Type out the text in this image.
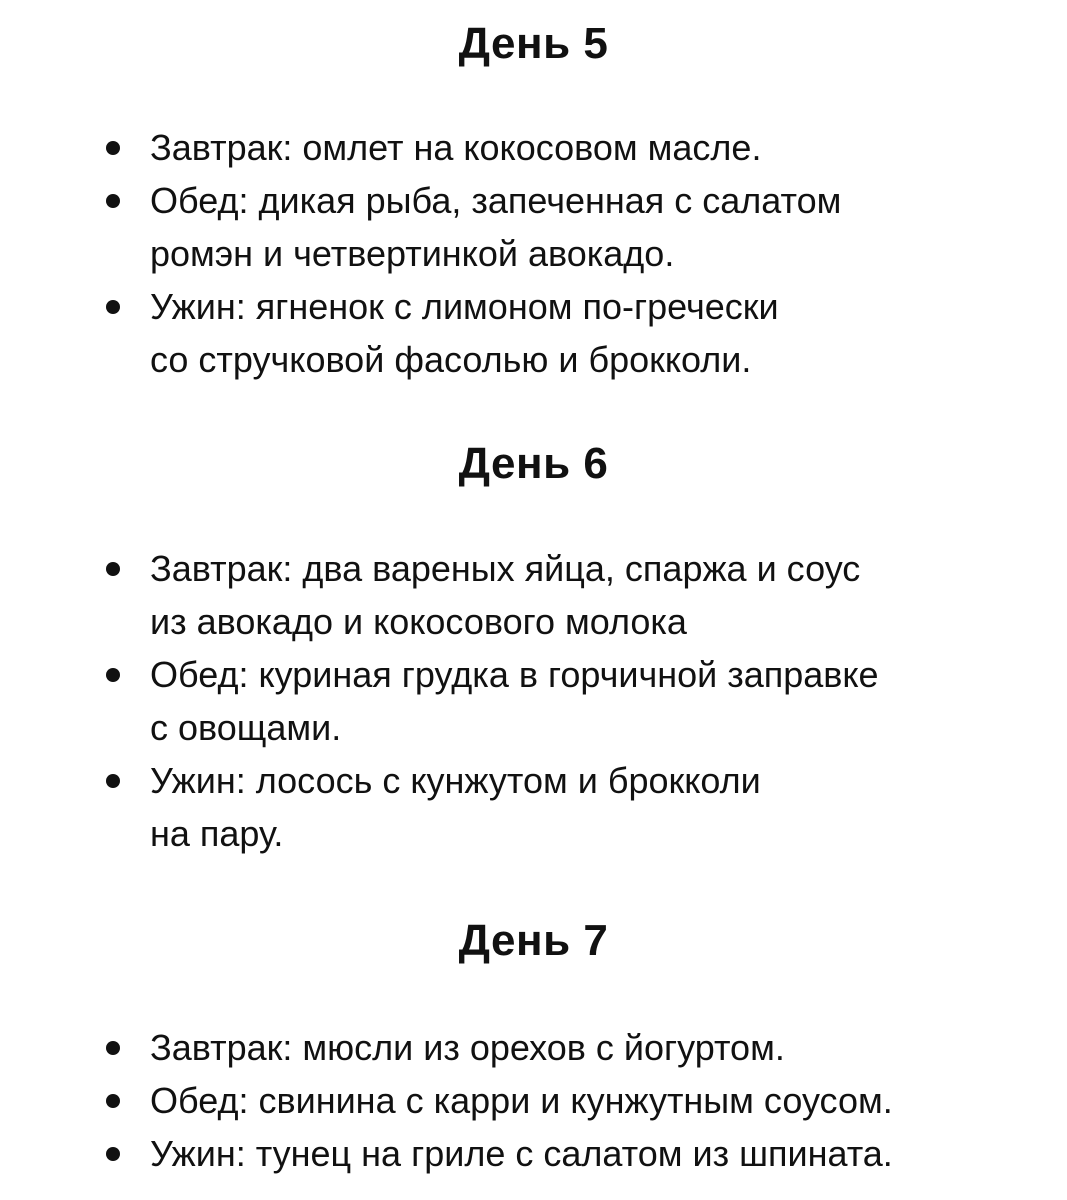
День 5
Завтрак: омлет на кокосовом масле.
Обед: дикая рыба, запеченная с салатом
ромэн и четвертинкой авокадо.
Ужин: ягненок с лимоном по-гречески
со стручковой фасолью и брокколи.
День 6
Завтрак: два вареных яйца, спаржа и соус
из авокадо и кокосового молока
Обед: куриная грудка в горчичной заправке
с овощами.
Ужин: лосось с кунжутом и брокколи
на пару.
День 7
Завтрак: мюсли из орехов с йогуртом.
Обед: свинина с карри и кунжутным соусом.
Ужин: тунец на гриле с салатом из шпината.
